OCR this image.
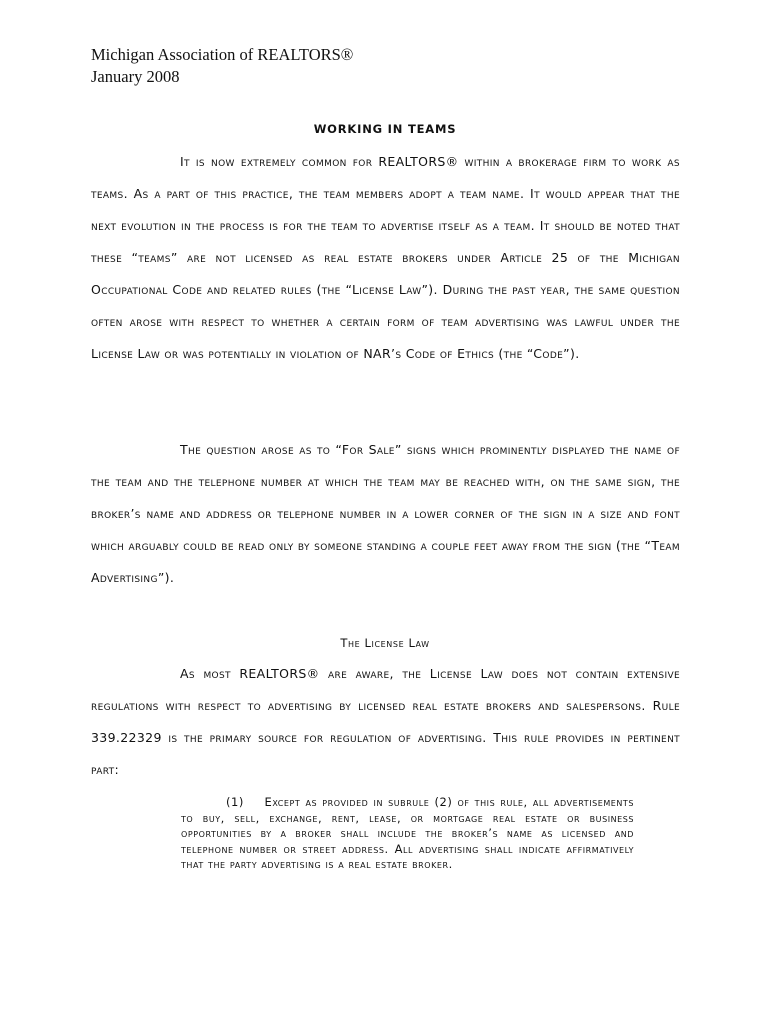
Michigan Association of REALTORS®
January 2008
WORKING IN TEAMS

It is now extremely common for REALTORS® within a brokerage firm to work as teams. As a part of this practice, the team members adopt a team name. It would appear that the next evolution in the process is for the team to advertise itself as a team. It should be noted that these “teams” are not licensed as real estate brokers under Article 25 of the Michigan Occupational Code and related rules (the “License Law”). During the past year, the same question often arose with respect to whether a certain form of team advertising was lawful under the License Law or was potentially in violation of NAR’s Code of Ethics (the “Code”).

The question arose as to “For Sale” signs which prominently displayed the name of the team and the telephone number at which the team may be reached with, on the same sign, the broker’s name and address or telephone number in a lower corner of the sign in a size and font which arguably could be read only by someone standing a couple feet away from the sign (the “Team Advertising”).

The License Law

As most REALTORS® are aware, the License Law does not contain extensive regulations with respect to advertising by licensed real estate brokers and salespersons. Rule 339.22329 is the primary source for regulation of advertising. This rule provides in pertinent part:

(1)    Except as provided in subrule (2) of this rule, all advertisements to buy, sell, exchange, rent, lease, or mortgage real estate or business opportunities by a broker shall include the broker’s name as licensed and telephone number or street address. All advertising shall indicate affirmatively that the party advertising is a real estate broker.
